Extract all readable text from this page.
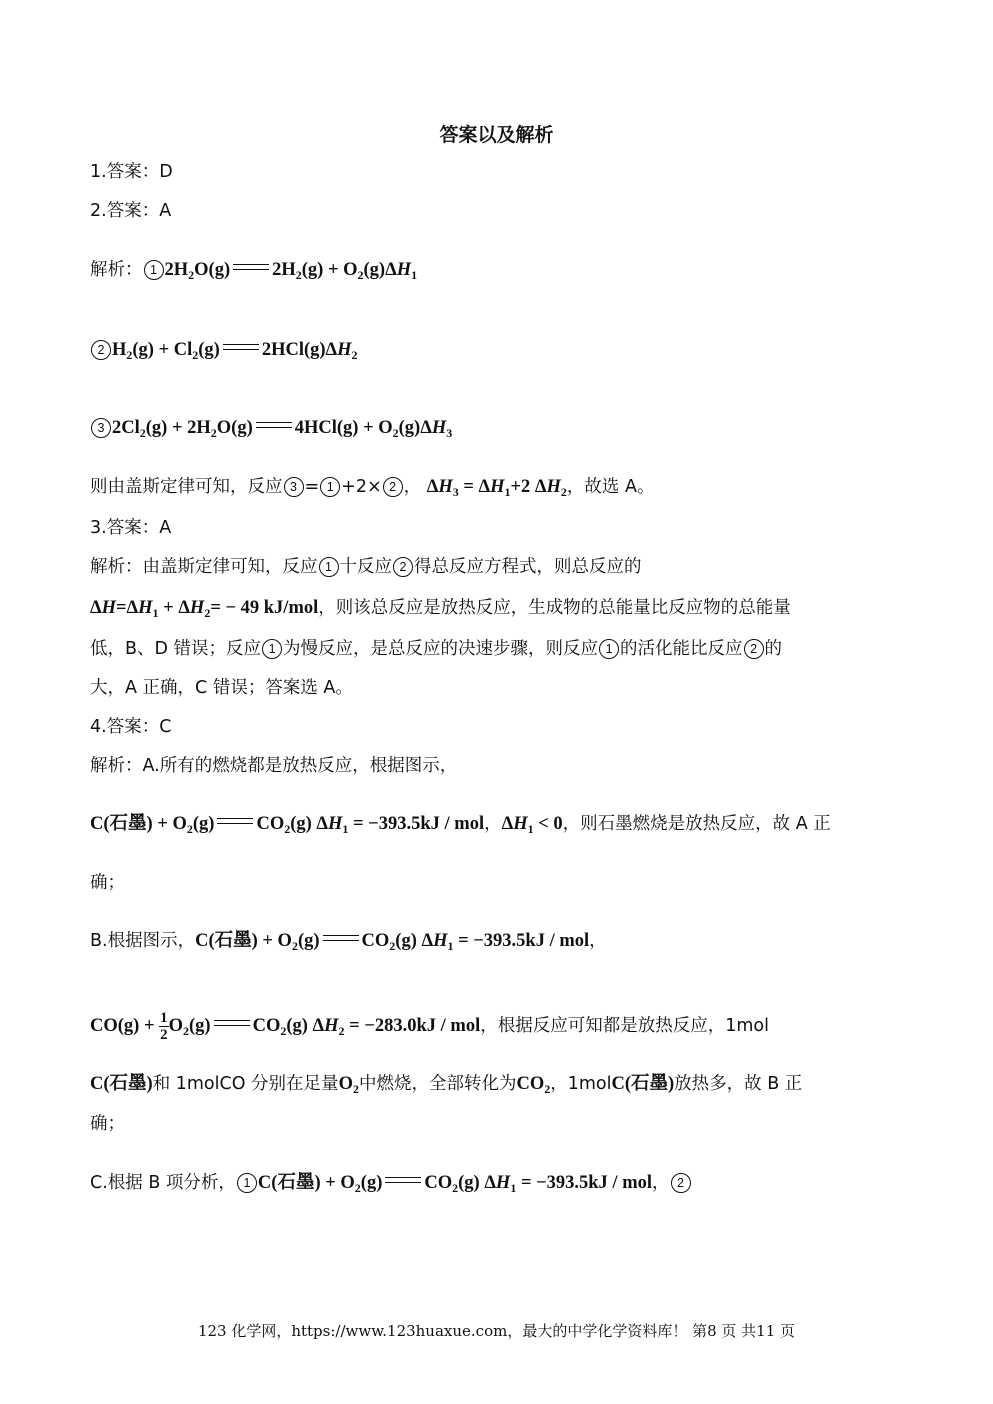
答案以及解析
1.答案：D
2.答案：A
解析： 1 $2H_2O(g) 2H_2(g) + O_2(g)\Delta H_1$
2 $H_2(g) + Cl_2(g)$ $2HCl(g)\Delta H_2$
3 $2Cl_2(g) + 2H_2O(g) 4HCl(g) + O_2(g)\Delta H_3$
则由盖斯定律可知，反应 3 = 1 +2× 2 ， $\Delta H_3 = \Delta H_1+2$ $\Delta H_2$，故选 A。
3.答案：A
解析：由盖斯定律可知，反应 1 十反应 2 得总反应方程式，则总反应的
$\Delta H=\Delta H_1 + \Delta H_2= - 49$ kJ/mol，则该总反应是放热反应，生成物的总能量比反应物的总能量
低，B、D 错误；反应 1 为慢反应，是总反应的决速步骤，则反应 1 的活化能比反应 2 的
大，A 正确，C 错误；答案选 A。
4.答案：C
解析：A.所有的燃烧都是放热反应，根据图示，
C(石墨) + $O_2(g)$ $CO_2(g) \Delta H_1 = -393.5kJ$ / mol，$\Delta H_1 < 0$，则石墨燃烧是放热反应，故 A 正
确；
B.根据图示，C(石墨) + $O_2(g)$ $CO_2(g) \Delta H_1 = -393.5kJ$ / mol，
$CO(g) + \frac{1}{2} O_2(g)$ $CO_2(g) \Delta H_2 = -283.0kJ$ / mol，根据反应可知都是放热反应，1mol
C(石墨)和 1molCO 分别在足量$O_2$中燃烧，全部转化为$CO_2$，1molC(石墨)放热多，故 B 正
确；
C.根据 B 项分析， 1 C(石墨) + $O_2(g)$ $CO_2(g) \Delta H_1 = -393.5kJ$ / mol， 2
123 化学网，https://www.123huaxue.com，最大的中学化学资料库！ 第8 页 共11 页
